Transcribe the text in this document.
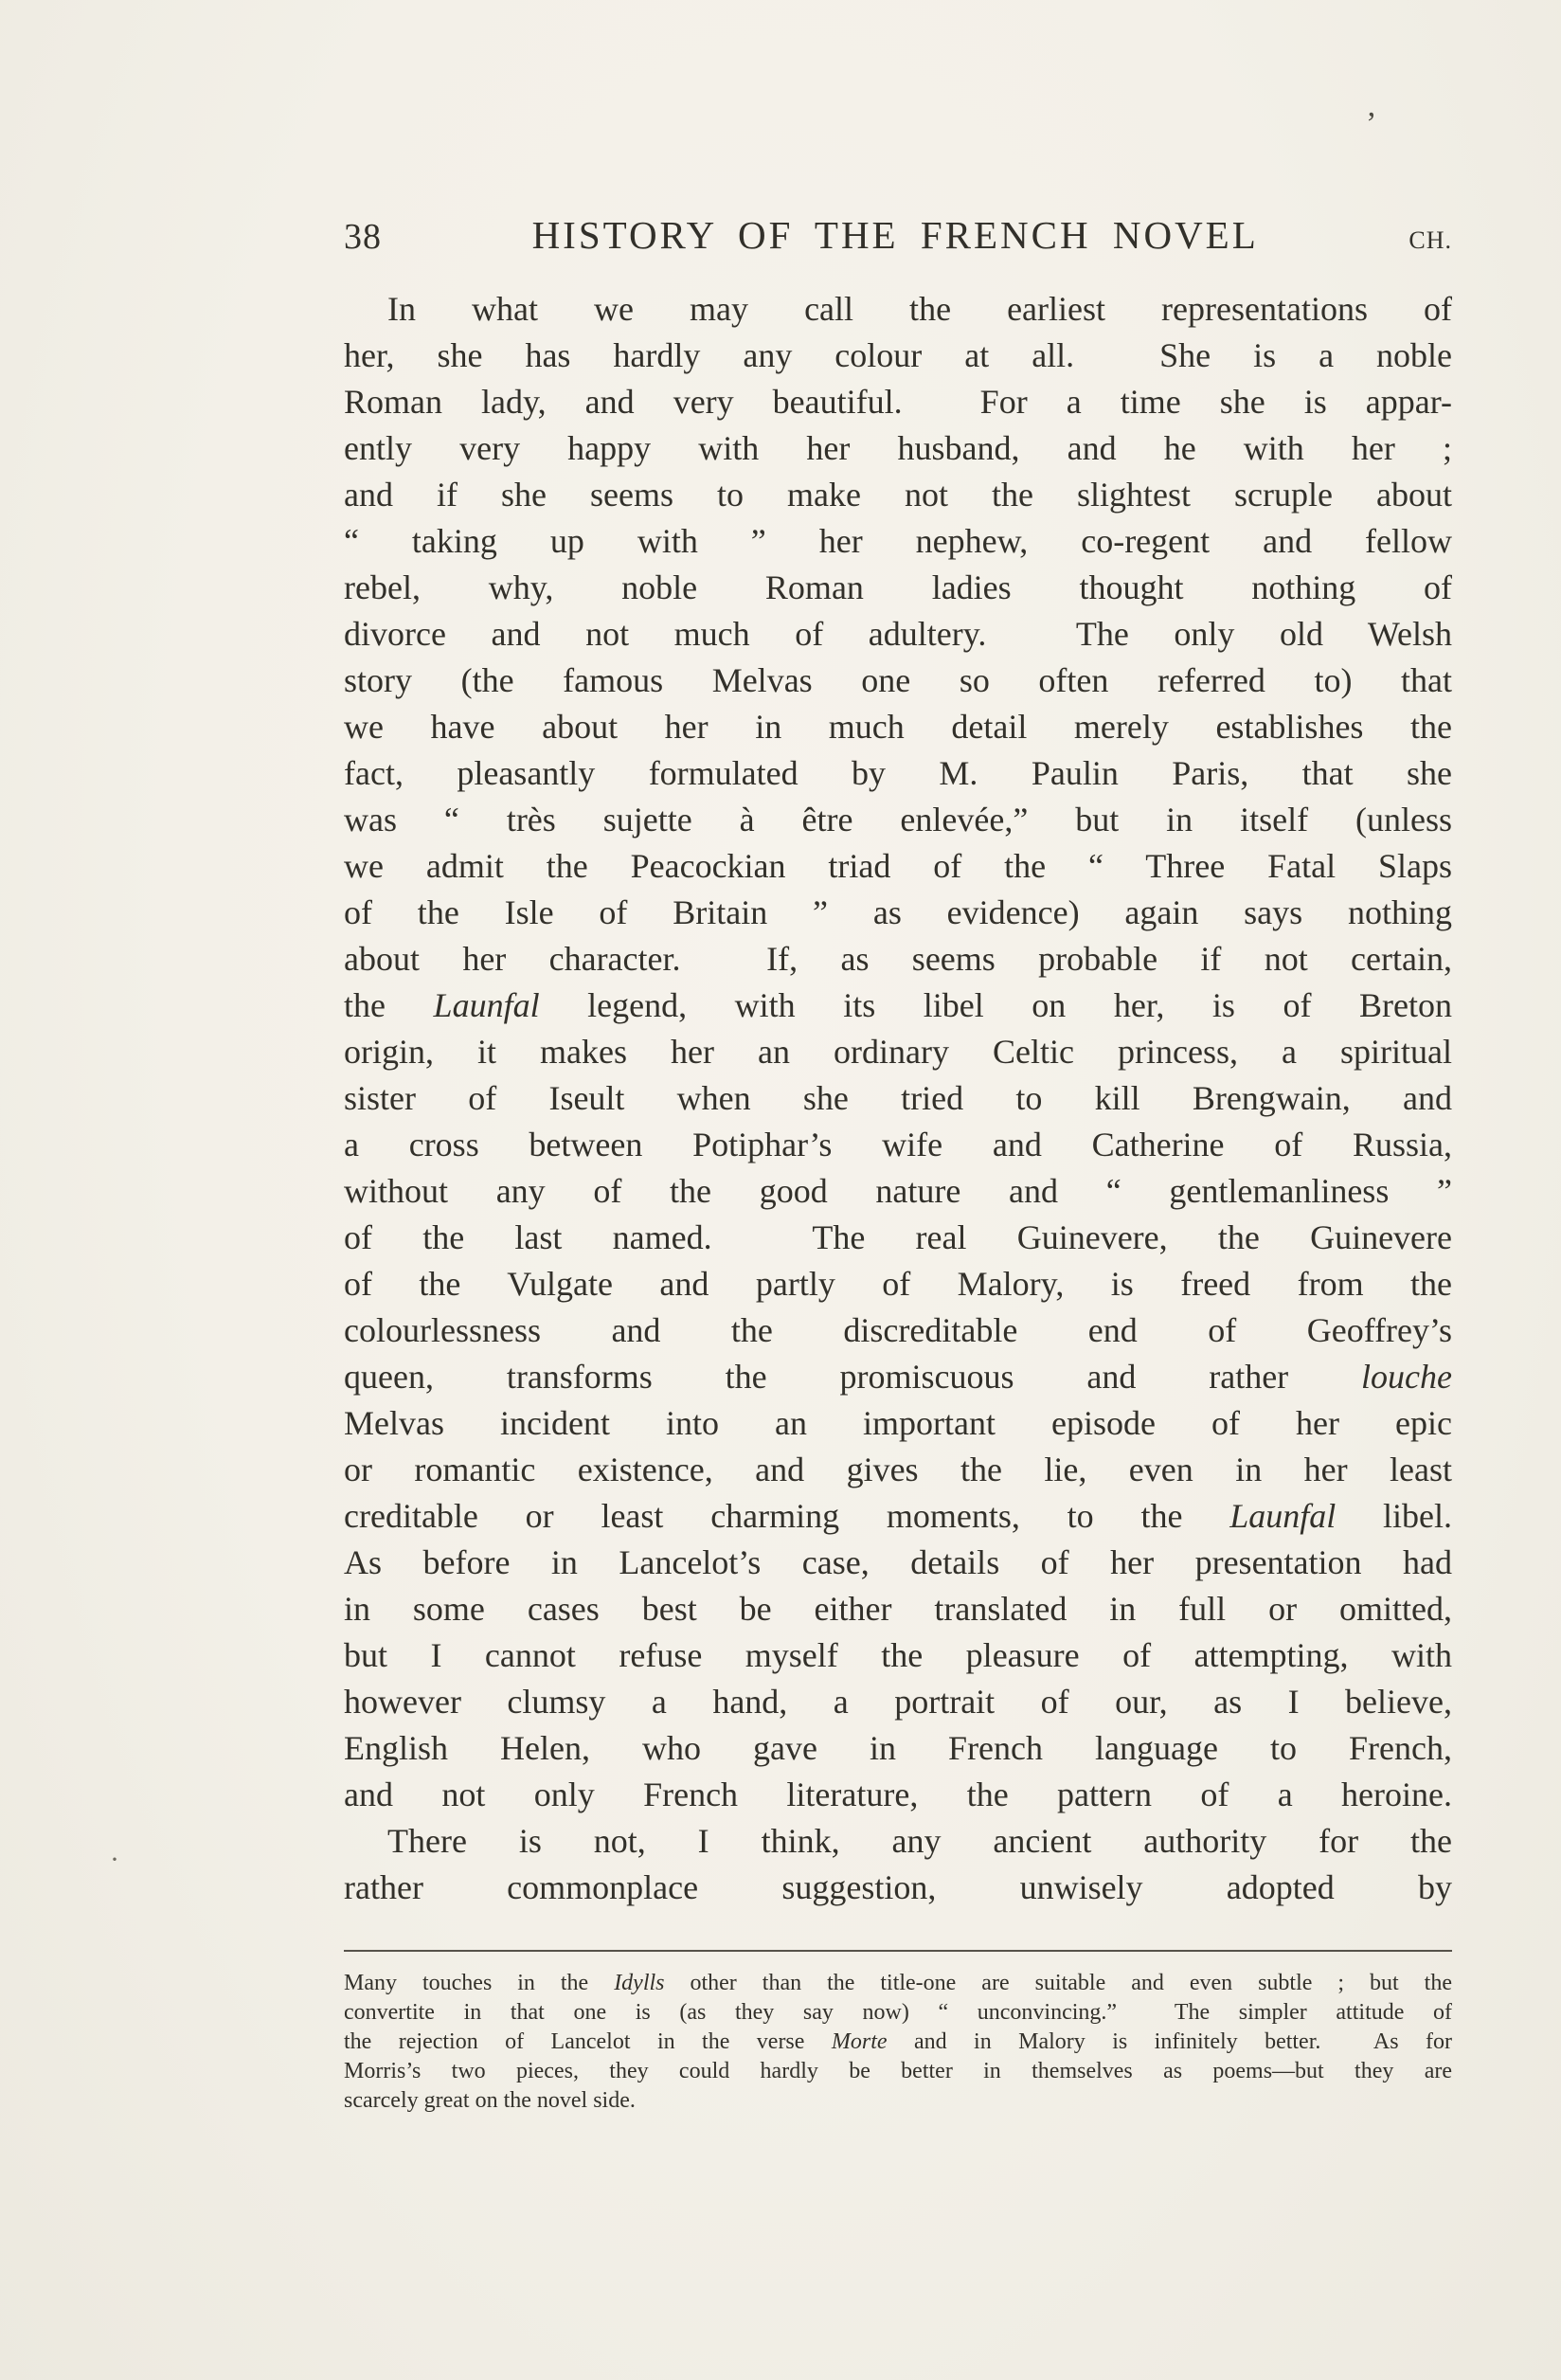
38	HISTORY OF THE FRENCH NOVEL	CH.
In what we may call the earliest representations of
her, she has hardly any colour at all.  She is a noble
Roman lady, and very beautiful.  For a time she is appar-
ently very happy with her husband, and he with her ;
and if she seems to make not the slightest scruple about
“ taking up with ” her nephew, co-regent and fellow
rebel, why, noble Roman ladies thought nothing of
divorce and not much of adultery.  The only old Welsh
story (the famous Melvas one so often referred to) that
we have about her in much detail merely establishes the
fact, pleasantly formulated by M. Paulin Paris, that she
was “ très sujette à être enlevée,” but in itself (unless
we admit the Peacockian triad of the “ Three Fatal Slaps
of the Isle of Britain ” as evidence) again says nothing
about her character.  If, as seems probable if not certain,
the Launfal legend, with its libel on her, is of Breton
origin, it makes her an ordinary Celtic princess, a spiritual
sister of Iseult when she tried to kill Brengwain, and
a cross between Potiphar’s wife and Catherine of Russia,
without any of the good nature and “ gentlemanliness ”
of the last named.  The real Guinevere, the Guinevere
of the Vulgate and partly of Malory, is freed from the
colourlessness and the discreditable end of Geoffrey’s
queen, transforms the promiscuous and rather louche
Melvas incident into an important episode of her epic
or romantic existence, and gives the lie, even in her least
creditable or least charming moments, to the Launfal libel.
As before in Lancelot’s case, details of her presentation had
in some cases best be either translated in full or omitted,
but I cannot refuse myself the pleasure of attempting, with
however clumsy a hand, a portrait of our, as I believe,
English Helen, who gave in French language to French,
and not only French literature, the pattern of a heroine.
There is not, I think, any ancient authority for the
rather commonplace suggestion, unwisely adopted by
Many touches in the Idylls other than the title-one are suitable and even subtle ; but the
convertite in that one is (as they say now) “ unconvincing.”  The simpler attitude of
the rejection of Lancelot in the verse Morte and in Malory is infinitely better.  As for
Morris’s two pieces, they could hardly be better in themselves as poems—but they are
scarcely great on the novel side.
’
·
